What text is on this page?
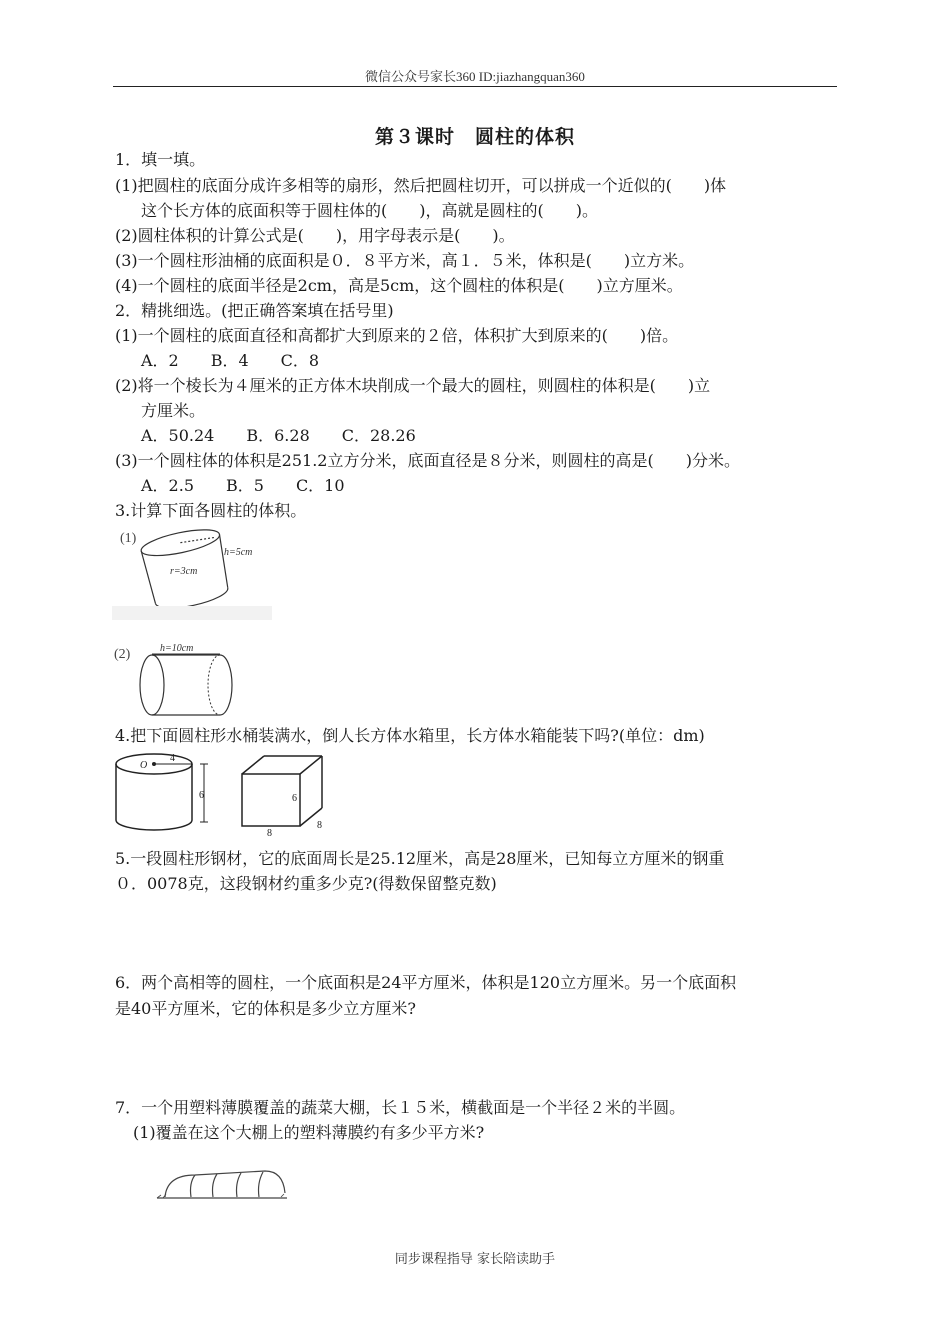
微信公众号家长360 ID:jiazhangquan360
第３课时　圆柱的体积
1．填一填。
(1)把圆柱的底面分成许多相等的扇形，然后把圆柱切开，可以拼成一个近似的(　　)体
这个长方体的底面积等于圆柱体的(　　)，高就是圆柱的(　　)。
(2)圆柱体积的计算公式是(　　)，用字母表示是(　　)。
(3)一个圆柱形油桶的底面积是０．８平方米，高１．５米，体积是(　　)立方米。
(4)一个圆柱的底面半径是2cm，高是5cm，这个圆柱的体积是(　　)立方厘米。
2．精挑细选。(把正确答案填在括号里)
(1)一个圆柱的底面直径和高都扩大到原来的２倍，体积扩大到原来的(　　)倍。
A．2　　B．4　　C．8
(2)将一个棱长为４厘米的正方体木块削成一个最大的圆柱，则圆柱的体积是(　　)立
方厘米。
A．50.24　　B．6.28　　C．28.26
(3)一个圆柱体的体积是251.2立方分米，底面直径是８分米，则圆柱的高是(　　)分米。
A．2.5　　B．5　　C．10
3.计算下面各圆柱的体积。
(1)
h=5cm
r=3cm
(2)	h=10cm
4.把下面圆柱形水桶装满水，倒人长方体水箱里，长方体水箱能装下吗?(单位：dm)
O
4
6	6
8
8
5.一段圆柱形钢材，它的底面周长是25.12厘米，高是28厘米，已知每立方厘米的钢重
０．0078克，这段钢材约重多少克?(得数保留整克数)
6．两个高相等的圆柱，一个底面积是24平方厘米，体积是120立方厘米。另一个底面积
是40平方厘米，它的体积是多少立方厘米?
7．一个用塑料薄膜覆盖的蔬菜大棚，长１５米，横截面是一个半径２米的半圆。
(1)覆盖在这个大棚上的塑料薄膜约有多少平方米?
同步课程指导 家长陪读助手
